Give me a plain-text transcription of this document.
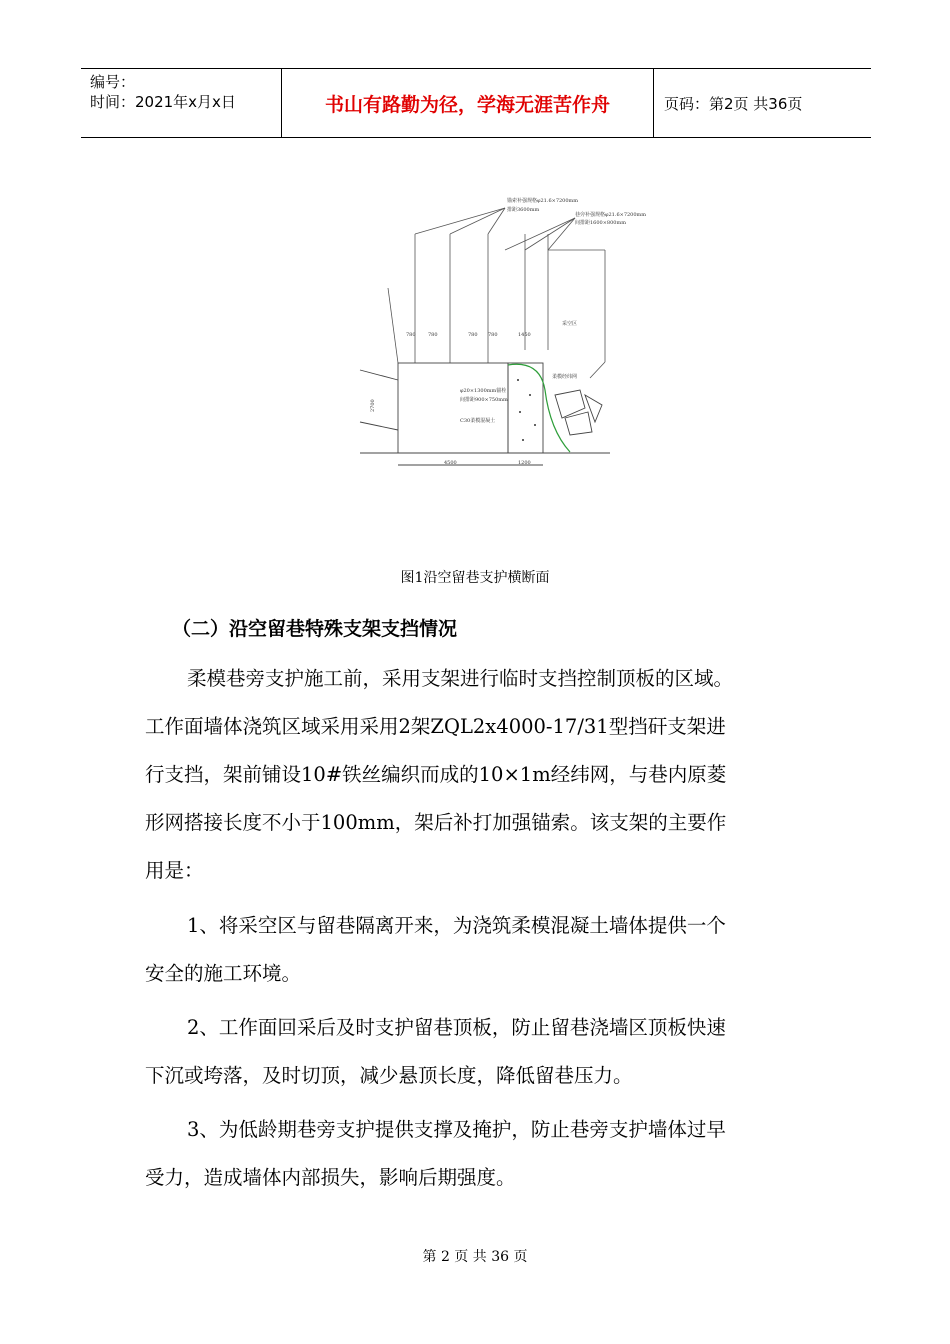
编号：
时间：2021年x月x日	书山有路勤为径，学海无涯苦作舟	页码：第2页 共36页
锚索补强规格φ21.6×7200mm
排距3600mm
巷旁补强规格φ21.6×7200mm
间排距1600×800mm
采空区
柔模经纬网
φ20×1300mm锚栓
间排距900×750mm
C30柔模混凝土
780 780	780 780	1450
4500	1200
2700
图1沿空留巷支护横断面
（二）沿空留巷特殊支架支挡情况
柔模巷旁支护施工前，采用支架进行临时支挡控制顶板的区域。
工作面墙体浇筑区域采用采用2架ZQL2x4000-17/31型挡矸支架进
行支挡，架前铺设10#铁丝编织而成的10×1m经纬网，与巷内原菱
形网搭接长度不小于100mm，架后补打加强锚索。该支架的主要作
用是：
1、将采空区与留巷隔离开来，为浇筑柔模混凝土墙体提供一个
安全的施工环境。
2、工作面回采后及时支护留巷顶板，防止留巷浇墙区顶板快速
下沉或垮落，及时切顶，减少悬顶长度，降低留巷压力。
3、为低龄期巷旁支护提供支撑及掩护，防止巷旁支护墙体过早
受力，造成墙体内部损失，影响后期强度。
第 2 页 共 36 页
